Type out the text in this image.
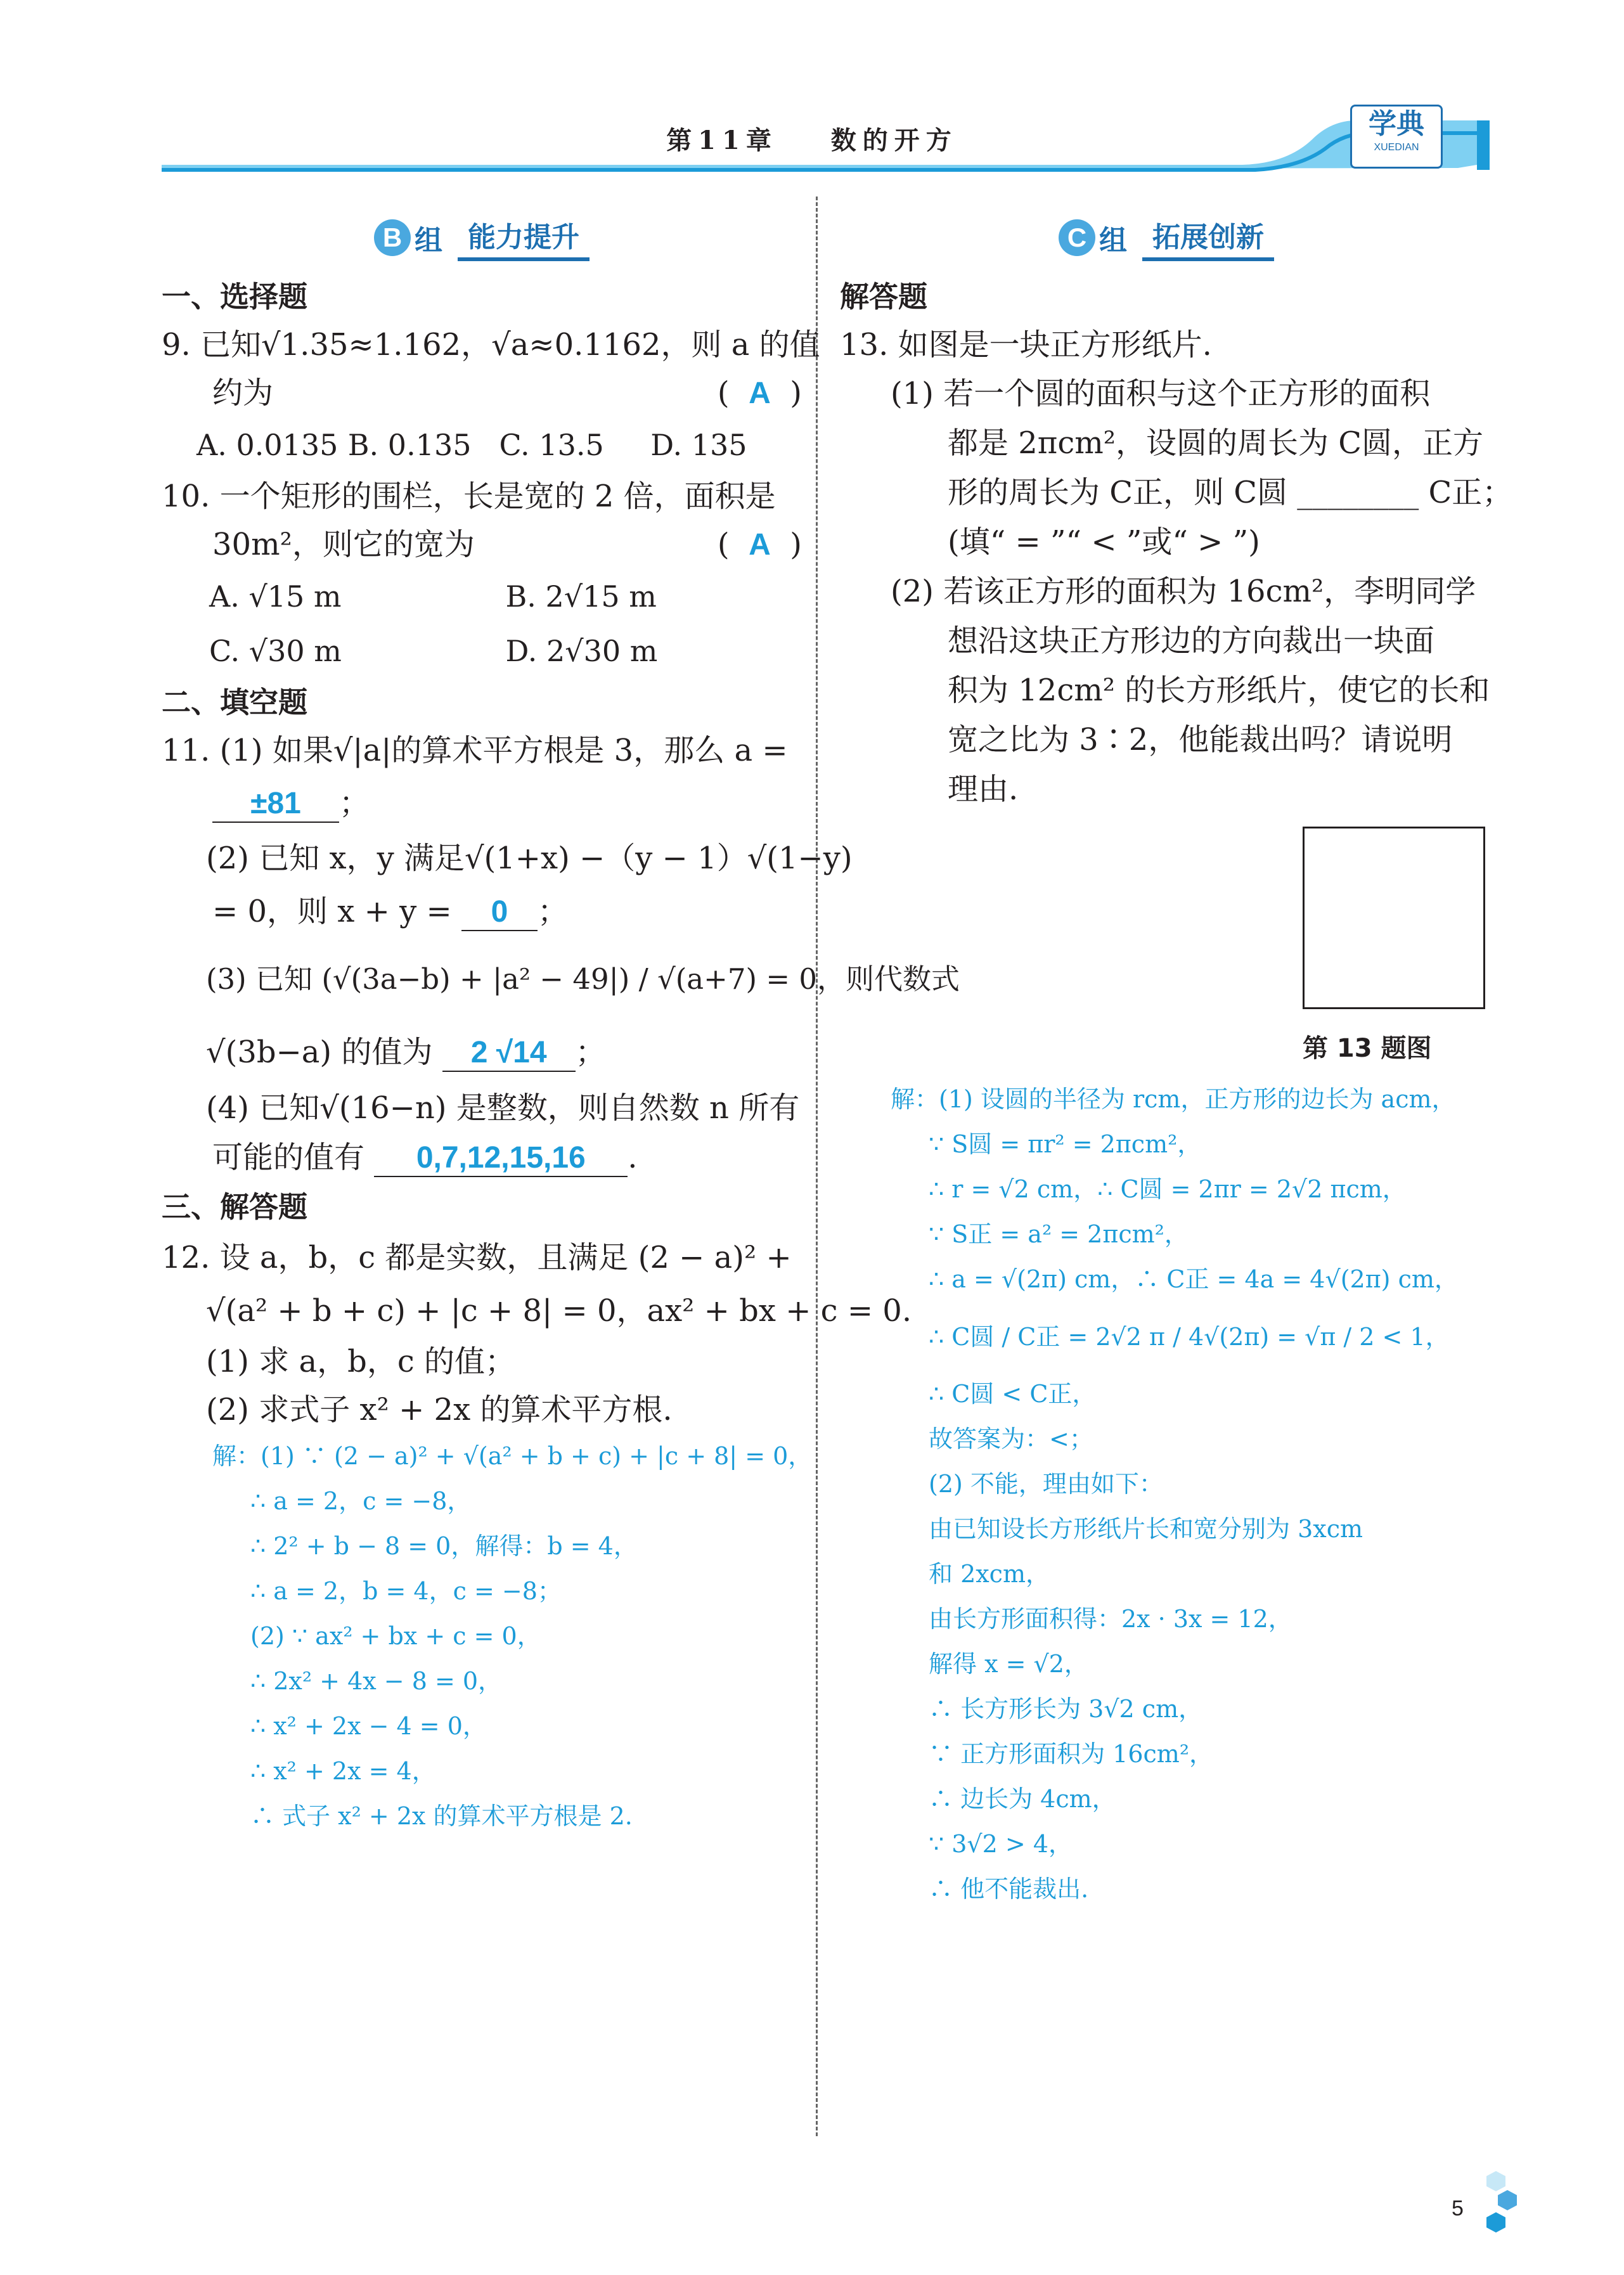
学典
XUEDIAN
第11章 数的开方
B 组 能力提升
一、选择题
9. 已知√1.35≈1.162，√a≈0.1162，则 a 的值
约为	(  A  )
A. 0.0135 B. 0.135 C. 13.5	D. 135
10. 一个矩形的围栏，长是宽的 2 倍，面积是
30m²，则它的宽为	(  A  )
A. √15 m	B. 2√15 m
C. √30 m	D. 2√30 m
二、填空题
11. (1) 如果√|a|的算术平方根是 3，那么 a =
±81 ；
(2) 已知 x，y 满足√(1+x) −（y − 1）√(1−y)
= 0，则 x + y = 0 ；
(3) 已知 (√(3a−b) + |a² − 49|) / √(a+7) = 0，则代数式
√(3b−a) 的值为 2 √14 ；
(4) 已知√(16−n) 是整数，则自然数 n 所有
可能的值有 0,7,12,15,16 .
三、解答题
12. 设 a，b，c 都是实数，且满足 (2 − a)² +
√(a² + b + c) + |c + 8| = 0，ax² + bx + c = 0.
(1) 求 a，b，c 的值；
(2) 求式子 x² + 2x 的算术平方根.
解：(1) ∵ (2 − a)² + √(a² + b + c) + |c + 8| = 0，
∴ a = 2，c = −8，
∴ 2² + b − 8 = 0，解得：b = 4，
∴ a = 2，b = 4，c = −8；
(2) ∵ ax² + bx + c = 0，
∴ 2x² + 4x − 8 = 0，
∴ x² + 2x − 4 = 0，
∴ x² + 2x = 4，
∴ 式子 x² + 2x 的算术平方根是 2.
C 组 拓展创新
解答题
13. 如图是一块正方形纸片.
(1) 若一个圆的面积与这个正方形的面积
都是 2πcm²，设圆的周长为 C圆，正方
形的周长为 C正，则 C圆 ________ C正；
(填“ = ”“ < ”或“ > ”)
(2) 若该正方形的面积为 16cm²，李明同学
想沿这块正方形边的方向裁出一块面
积为 12cm² 的长方形纸片，使它的长和
宽之比为 3∶2，他能裁出吗？请说明
理由.
第 13 题图
解：(1) 设圆的半径为 rcm，正方形的边长为 acm，
∵ S圆 = πr² = 2πcm²，
∴ r = √2 cm，∴ C圆 = 2πr = 2√2 πcm，
∵ S正 = a² = 2πcm²，
∴ a = √(2π) cm，∴ C正 = 4a = 4√(2π) cm，
∴ C圆 / C正 = 2√2 π / 4√(2π) = √π / 2 < 1，
∴ C圆 < C正，
故答案为：<；
(2) 不能，理由如下：
由已知设长方形纸片长和宽分别为 3xcm
和 2xcm，
由长方形面积得：2x · 3x = 12，
解得 x = √2，
∴ 长方形长为 3√2 cm，
∵ 正方形面积为 16cm²，
∴ 边长为 4cm，
∵ 3√2 > 4，
∴ 他不能裁出.
5
